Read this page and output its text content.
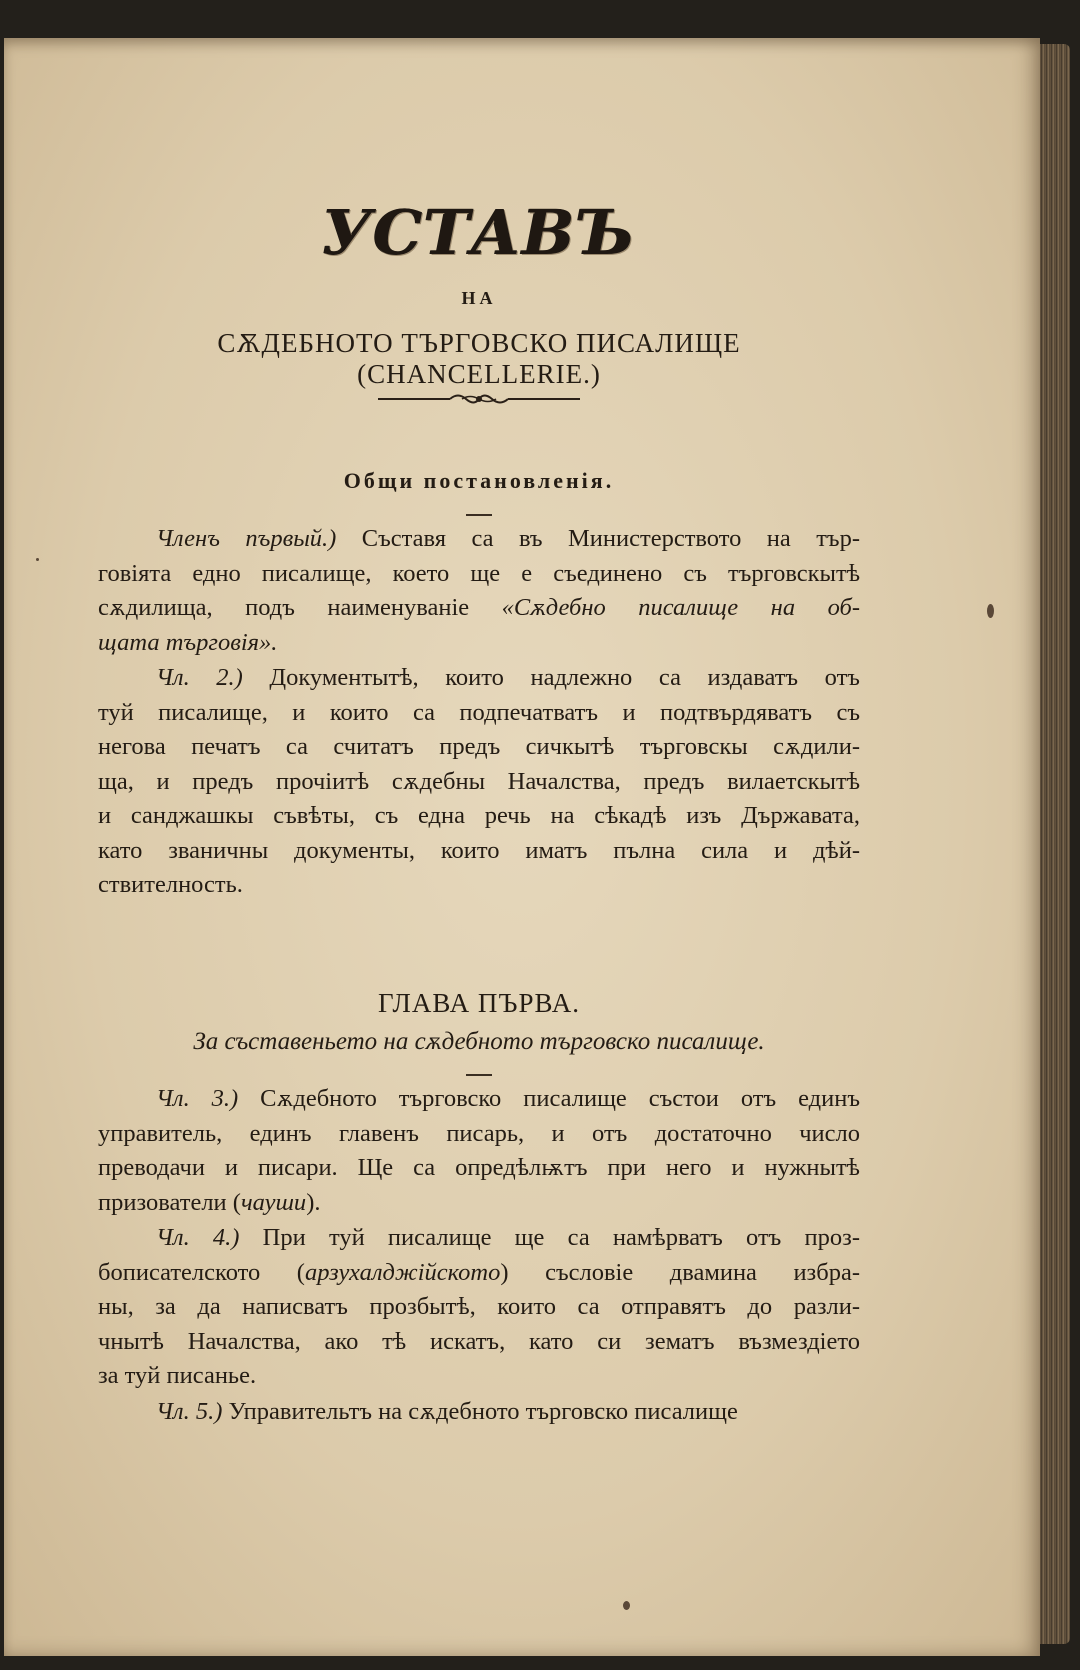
УСТАВЪ
НА
СѪДЕБНОТО ТЪРГОВСКО ПИСАЛИЩЕ (CHANCELLERIE.)
Общи постановленія.
Членъ първый.) Съставя са въ Министерството на тър-
говіята едно писалище, което ще е съединено съ търговскытѣ
сѫдилища, подъ наименуваніе «Сѫдебно писалище на об-
щата търговія».
Чл. 2.) Документытѣ, които надлежно са издаватъ отъ
туй писалище, и които са подпечатватъ и подтвърдяватъ съ
негова печатъ са считатъ предъ сичкытѣ търговскы сѫдили-
ща, и предъ прочіитѣ сѫдебны Началства, предъ вилаетскытѣ
и санджашкы съвѣты, съ една речь на сѣкадѣ изъ Държавата,
като званичны документы, които иматъ пълна сила и дѣй-
ствителность.
ГЛАВА ПЪРВА.
За съставеньето на сѫдебното търговско писалище.
Чл. 3.) Сѫдебното търговско писалище състои отъ единъ
управитель, единъ главенъ писарь, и отъ достаточно число
преводачи и писари. Ще са опредѣлѭтъ при него и нужнытѣ
призователи (чауши).
Чл. 4.) При туй писалище ще са намѣрватъ отъ проз-
бописателското (арзухалджійското) съсловіе двамина избра-
ны, за да написватъ прозбытѣ, които са отправятъ до разли-
чнытѣ Началства, ако тѣ искатъ, като си зематъ възмездіето
за туй писанье.
Чл. 5.) Управительтъ на сѫдебното търговско писалище
